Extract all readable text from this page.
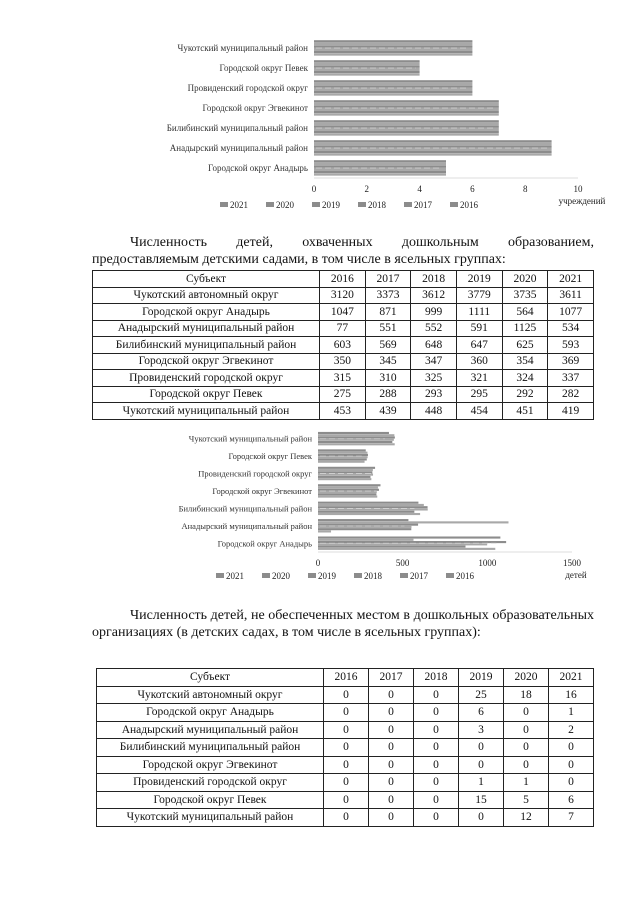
Чукотский муниципальный район
Городской округ Певек
Провиденский городской округ
Городской округ Эгвекинот
Билибинский муниципальный район
Анадырский муниципальный район
Городской округ Анадырь
0	2	4	6	8	10
учреждений
2021	2020	2019	2018	2017	2016

Численность детей, охваченных дошкольным образованием, предоставляемым детскими садами, в том числе в ясельных группах:

Субъект	2016	2017	2018	2019	2020	2021
Чукотский автономный округ	3120	3373	3612	3779	3735	3611
Городской округ Анадырь	1047	871	999	1111	564	1077
Анадырский муниципальный район	77	551	552	591	1125	534
Билибинский муниципальный район	603	569	648	647	625	593
Городской округ Эгвекинот	350	345	347	360	354	369
Провиденский городской округ	315	310	325	321	324	337
Городской округ Певек	275	288	293	295	292	282
Чукотский муниципальный район	453	439	448	454	451	419
Чукотский муниципальный район
Городской округ Певек
Провиденский городской округ
Городской округ Эгвекинот
Билибинский муниципальный район
Анадырский муниципальный район
Городской округ Анадырь
0	500	1000	1500
детей
2021	2020	2019	2018	2017	2016

Численность детей, не обеспеченных местом в дошкольных образовательных организациях (в детских садах, в том числе в ясельных группах):

Субъект	2016	2017	2018	2019	2020	2021
Чукотский автономный округ	0	0	0	25	18	16
Городской округ Анадырь	0	0	0	6	0	1
Анадырский муниципальный район	0	0	0	3	0	2
Билибинский муниципальный район	0	0	0	0	0	0
Городской округ Эгвекинот	0	0	0	0	0	0
Провиденский городской округ	0	0	0	1	1	0
Городской округ Певек	0	0	0	15	5	6
Чукотский муниципальный район	0	0	0	0	12	7
